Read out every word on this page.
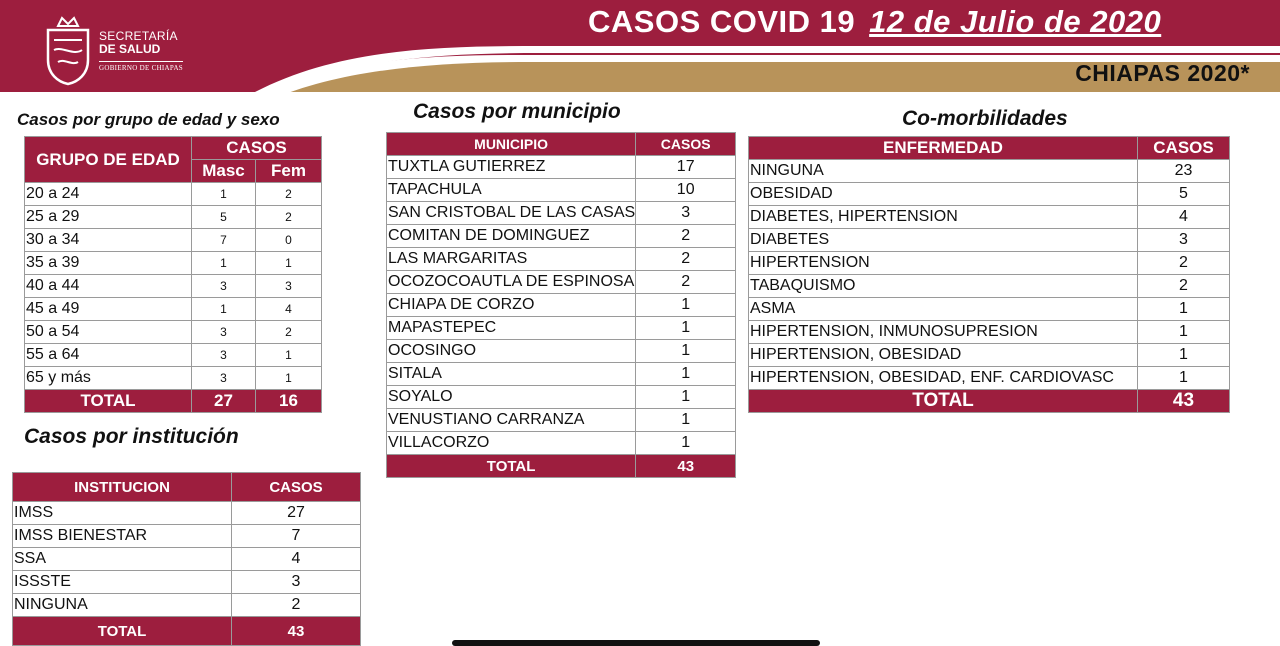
SECRETARÍA
DE SALUD
GOBIERNO DE CHIAPAS
CASOS COVID 19 12 de Julio de 2020
CHIAPAS 2020*
Casos por grupo de edad y sexo
GRUPO DE EDAD	CASOS	
	Masc	Fem
20 a 24	1	2
25 a 29	5	2
30 a 34	7	0
35 a 39	1	1
40 a 44	3	3
45 a 49	1	4
50 a 54	3	2
55 a 64	3	1
65 y más	3	1
TOTAL	27	16
Casos por municipio
MUNICIPIO	CASOS
TUXTLA GUTIERREZ	17
TAPACHULA	10
SAN CRISTOBAL DE LAS CASAS	3
COMITAN DE DOMINGUEZ	2
LAS MARGARITAS	2
OCOZOCOAUTLA DE ESPINOSA	2
CHIAPA DE CORZO	1
MAPASTEPEC	1
OCOSINGO	1
SITALA	1
SOYALO	1
VENUSTIANO CARRANZA	1
VILLACORZO	1
TOTAL	43
Co-morbilidades
ENFERMEDAD	CASOS
NINGUNA	23
OBESIDAD	5
DIABETES, HIPERTENSION	4
DIABETES	3
HIPERTENSION	2
TABAQUISMO	2
ASMA	1
HIPERTENSION, INMUNOSUPRESION	1
HIPERTENSION, OBESIDAD	1
HIPERTENSION, OBESIDAD, ENF. CARDIOVASC	1
TOTAL	43
Casos por institución
INSTITUCION	CASOS
IMSS	27
IMSS BIENESTAR	7
SSA	4
ISSSTE	3
NINGUNA	2
TOTAL	43
